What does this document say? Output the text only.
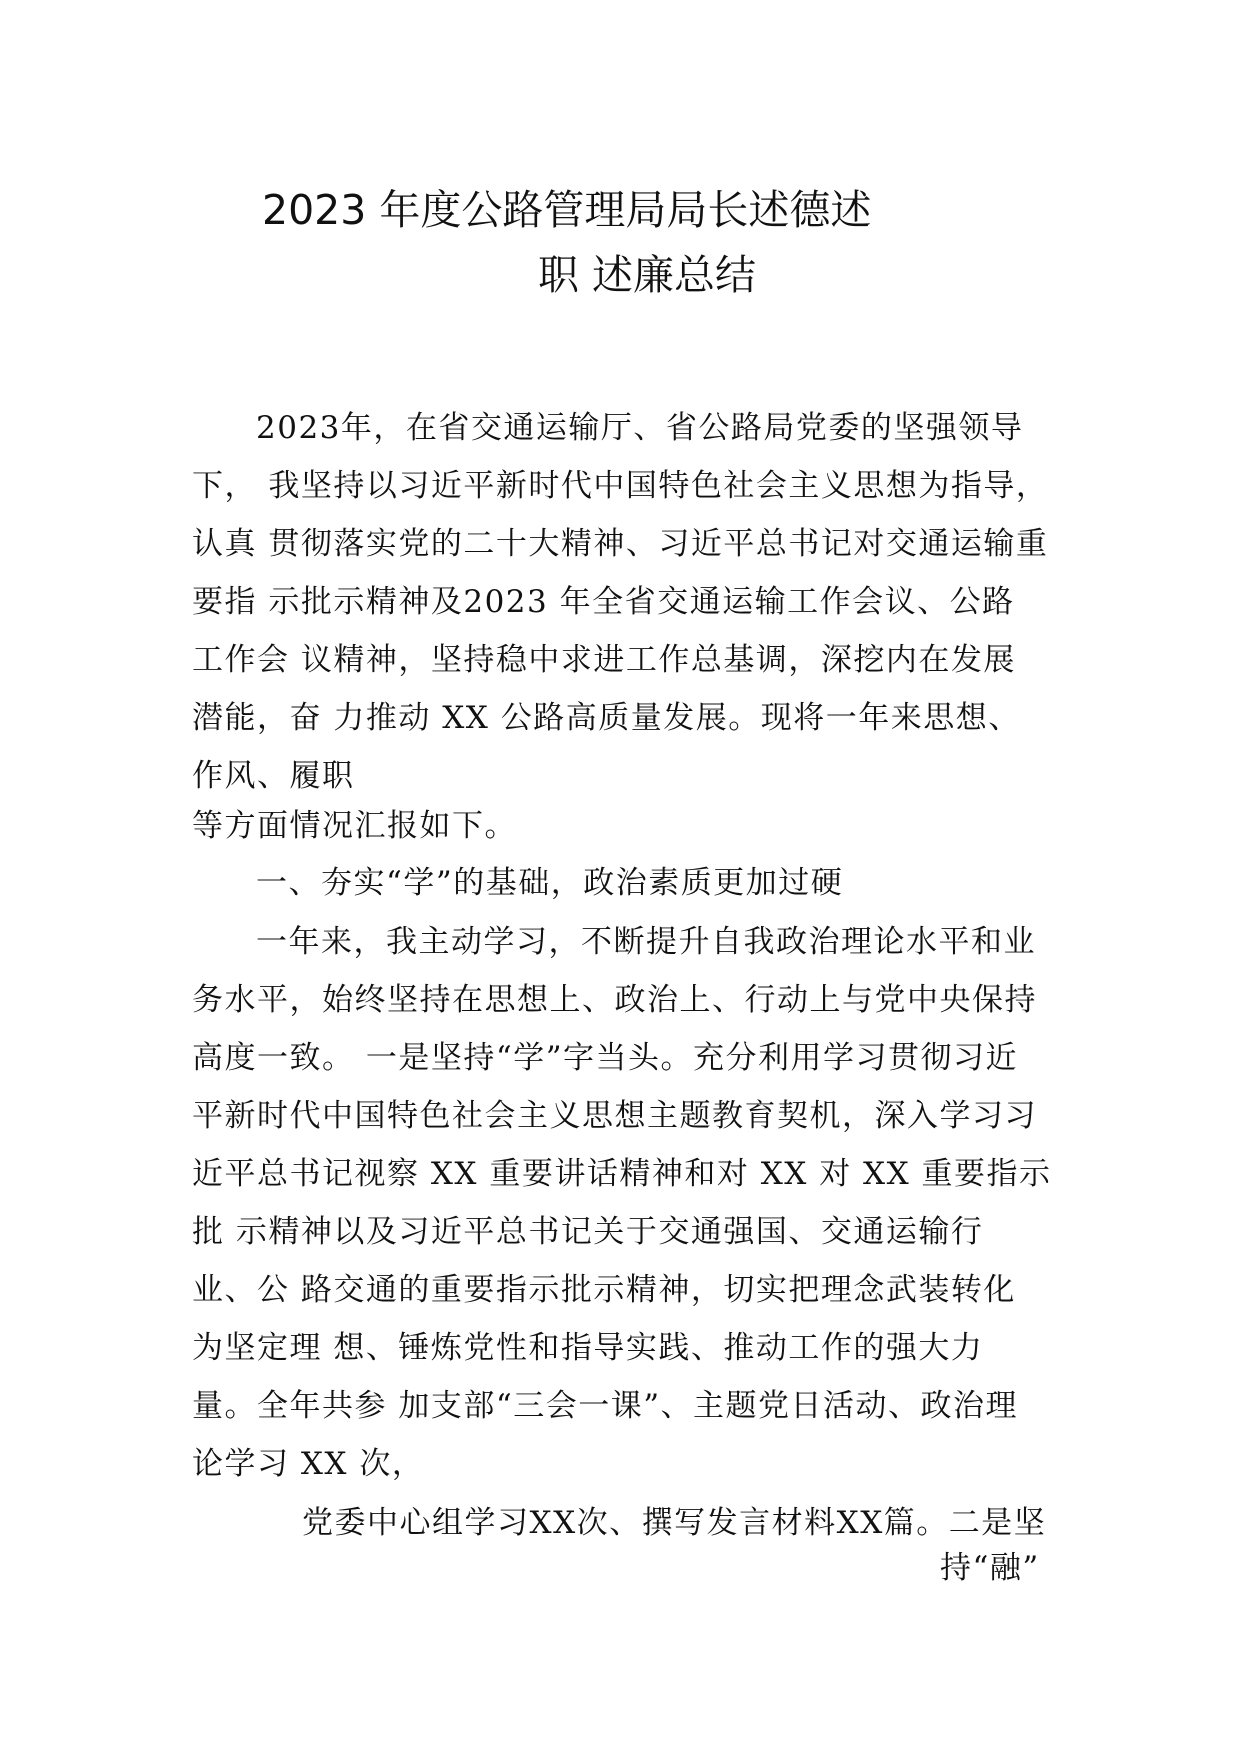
2023 年度公路管理局局长述德述
职 述廉总结
2023年，在省交通运输厅、省公路局党委的坚强领导
下， 我坚持以习近平新时代中国特色社会主义思想为指导，
认真 贯彻落实党的二十大精神、习近平总书记对交通运输重
要指 示批示精神及2023 年全省交通运输工作会议、公路
工作会 议精神，坚持稳中求进工作总基调，深挖内在发展
潜能，奋 力推动 XX 公路高质量发展。现将一年来思想、
作风、履职
等方面情况汇报如下。
一、夯实“学”的基础，政治素质更加过硬
一年来，我主动学习，不断提升自我政治理论水平和业
务水平，始终坚持在思想上、政治上、行动上与党中央保持
高度一致。 一是坚持“学”字当头。充分利用学习贯彻习近
平新时代中国特色社会主义思想主题教育契机，深入学习习
近平总书记视察 XX 重要讲话精神和对 XX 对 XX 重要指示
批 示精神以及习近平总书记关于交通强国、交通运输行
业、公 路交通的重要指示批示精神，切实把理念武装转化
为坚定理 想、锤炼党性和指导实践、推动工作的强大力
量。全年共参 加支部“三会一课”、主题党日活动、政治理
论学习 XX 次，
党委中心组学习XX次、撰写发言材料XX篇。二是坚
持“融”
